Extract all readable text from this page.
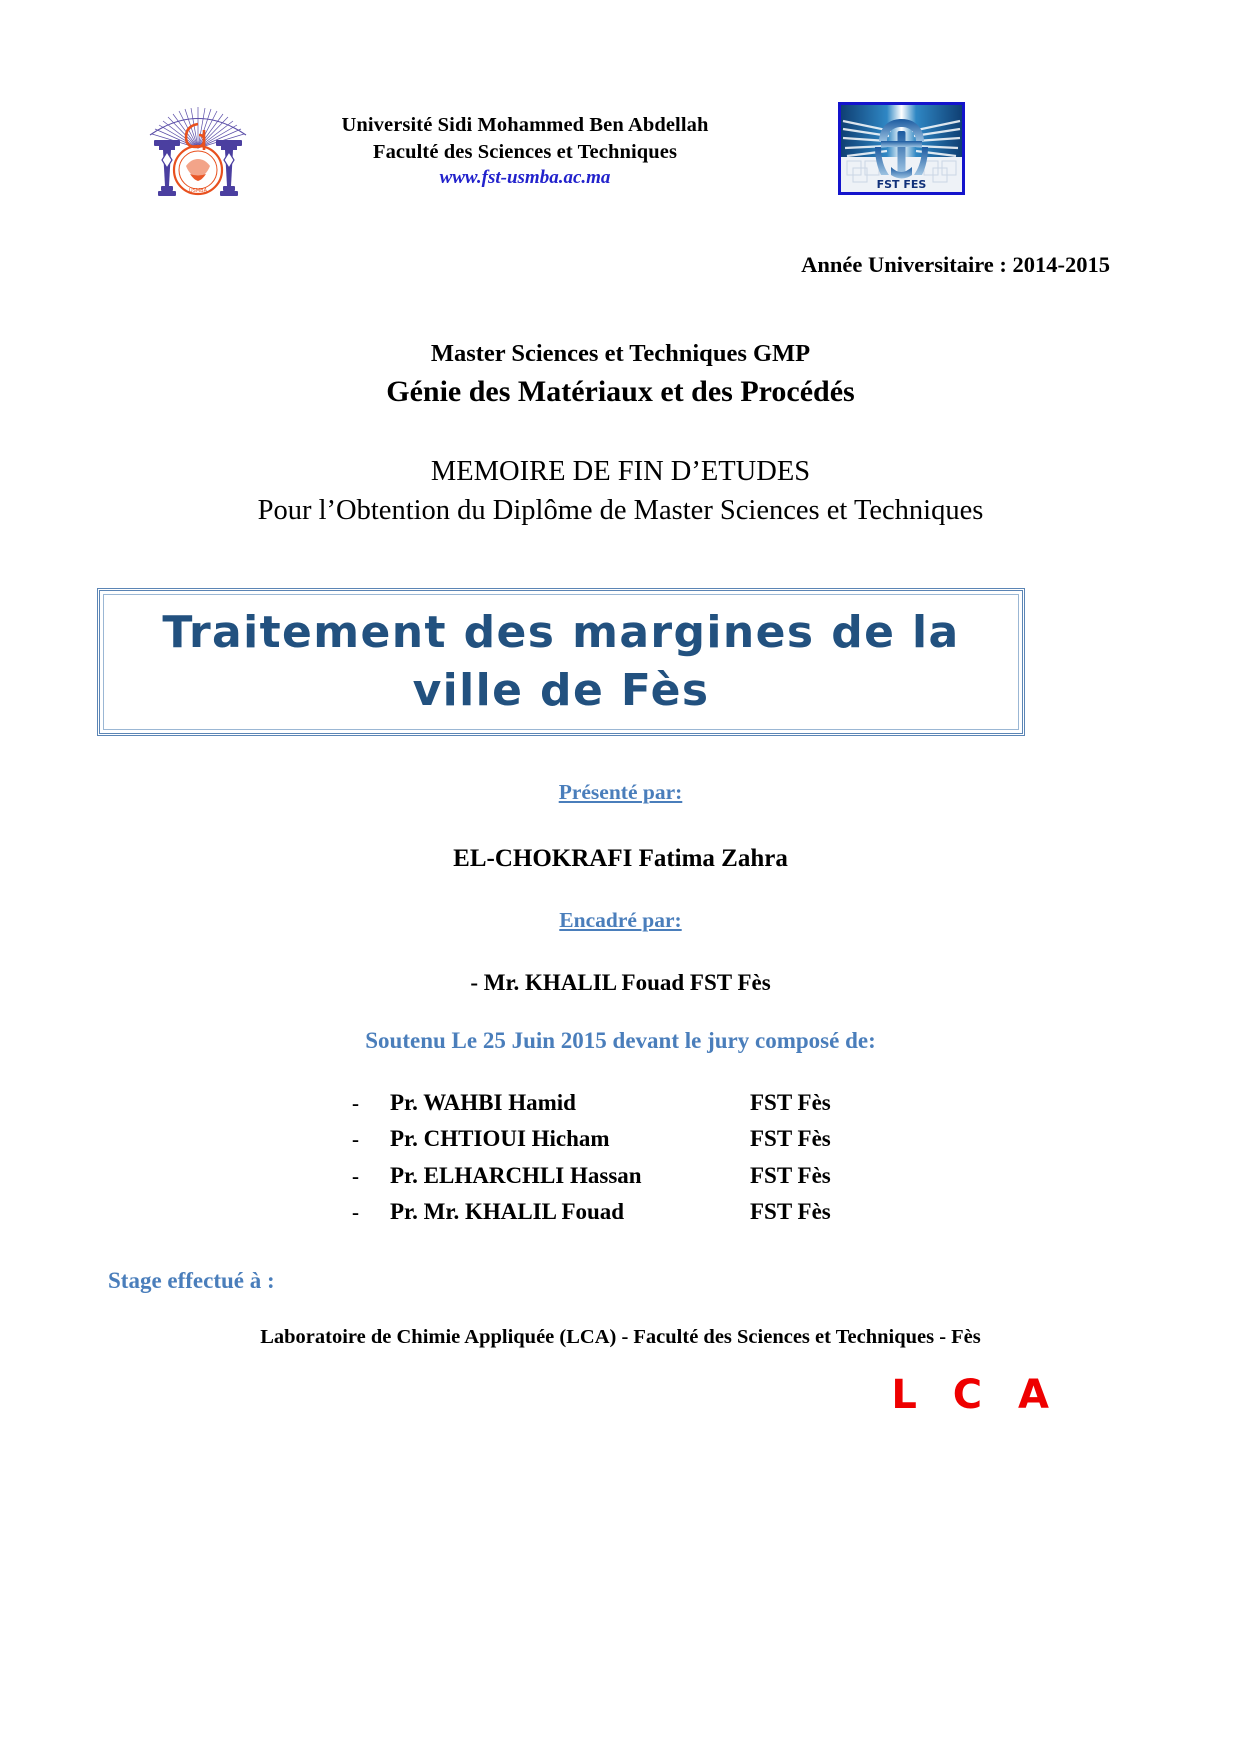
USMBA
Université Sidi Mohammed Ben Abdellah
Faculté des Sciences et Techniques
www.fst-usmba.ac.ma	FST FES
Année Universitaire : 2014-2015
Master Sciences et Techniques GMP
Génie des Matériaux et des Procédés
MEMOIRE DE FIN D’ETUDES
Pour l’Obtention du Diplôme de Master Sciences et Techniques
Traitement des margines de la ville de Fès
Présenté par:
EL-CHOKRAFI Fatima Zahra
Encadré par:
- Mr. KHALIL Fouad FST Fès
Soutenu Le 25 Juin 2015 devant le jury composé de:
-	Pr. WAHBI Hamid	FST Fès
-	Pr. CHTIOUI Hicham	FST Fès
-	Pr. ELHARCHLI Hassan	FST Fès
-	Pr. Mr. KHALIL Fouad	FST Fès
Stage effectué à :
Laboratoire de Chimie Appliquée (LCA) - Faculté des Sciences et Techniques - Fès
L C A
